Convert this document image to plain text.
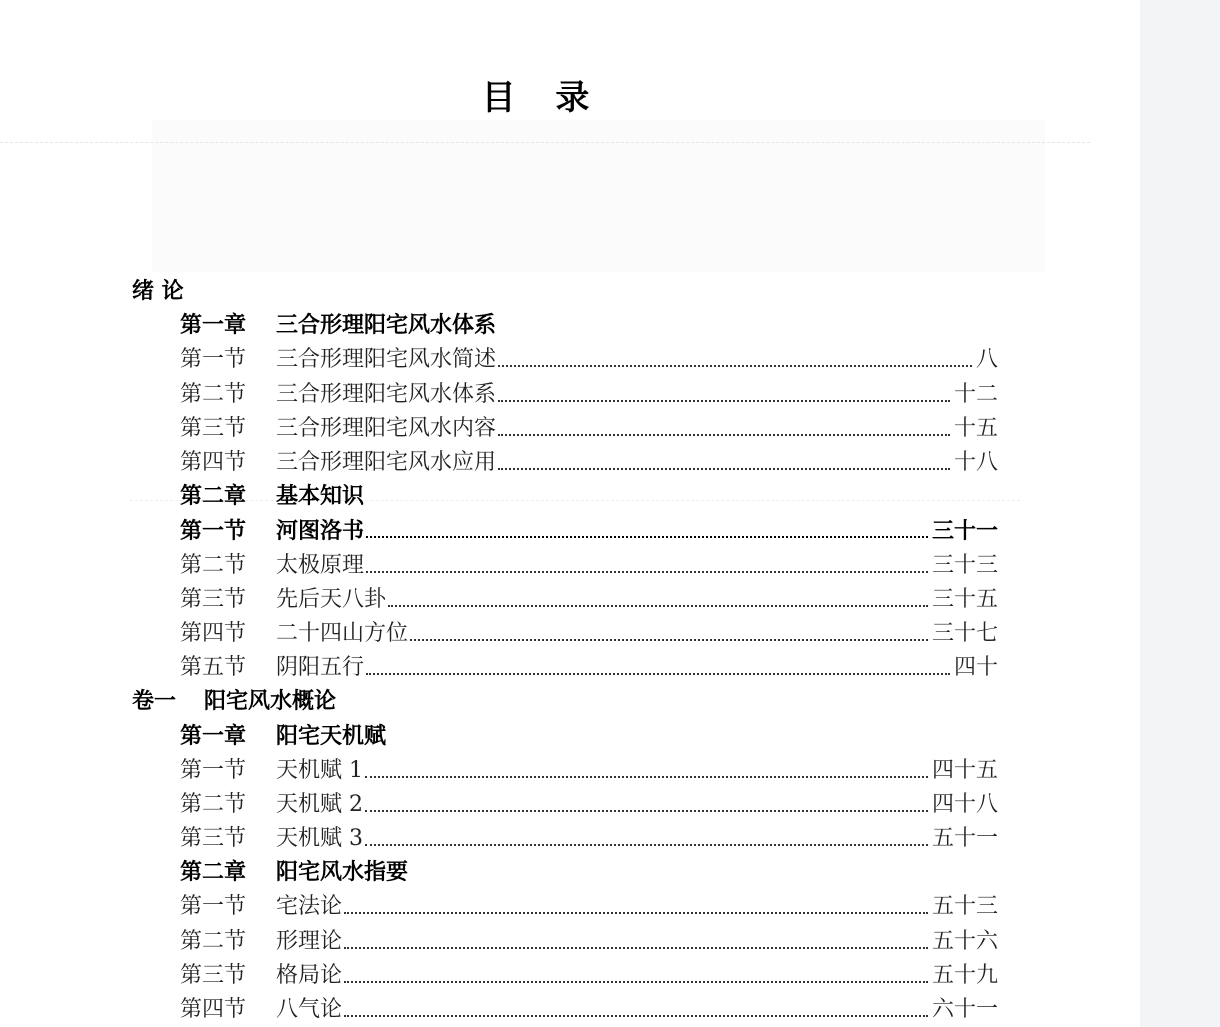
目 录
绪 论
第一章	三合形理阳宅风水体系
第一节	三合形理阳宅风水简述	八
第二节	三合形理阳宅风水体系	十二
第三节	三合形理阳宅风水内容	十五
第四节	三合形理阳宅风水应用	十八
第二章	基本知识
第一节	河图洛书	三十一
第二节	太极原理	三十三
第三节	先后天八卦	三十五
第四节	二十四山方位	三十七
第五节	阴阳五行	四十
卷一	阳宅风水概论
第一章	阳宅天机赋
第一节	天机赋 1	四十五
第二节	天机赋 2	四十八
第三节	天机赋 3	五十一
第二章	阳宅风水指要
第一节	宅法论	五十三
第二节	形理论	五十六
第三节	格局论	五十九
第四节	八气论	六十一
